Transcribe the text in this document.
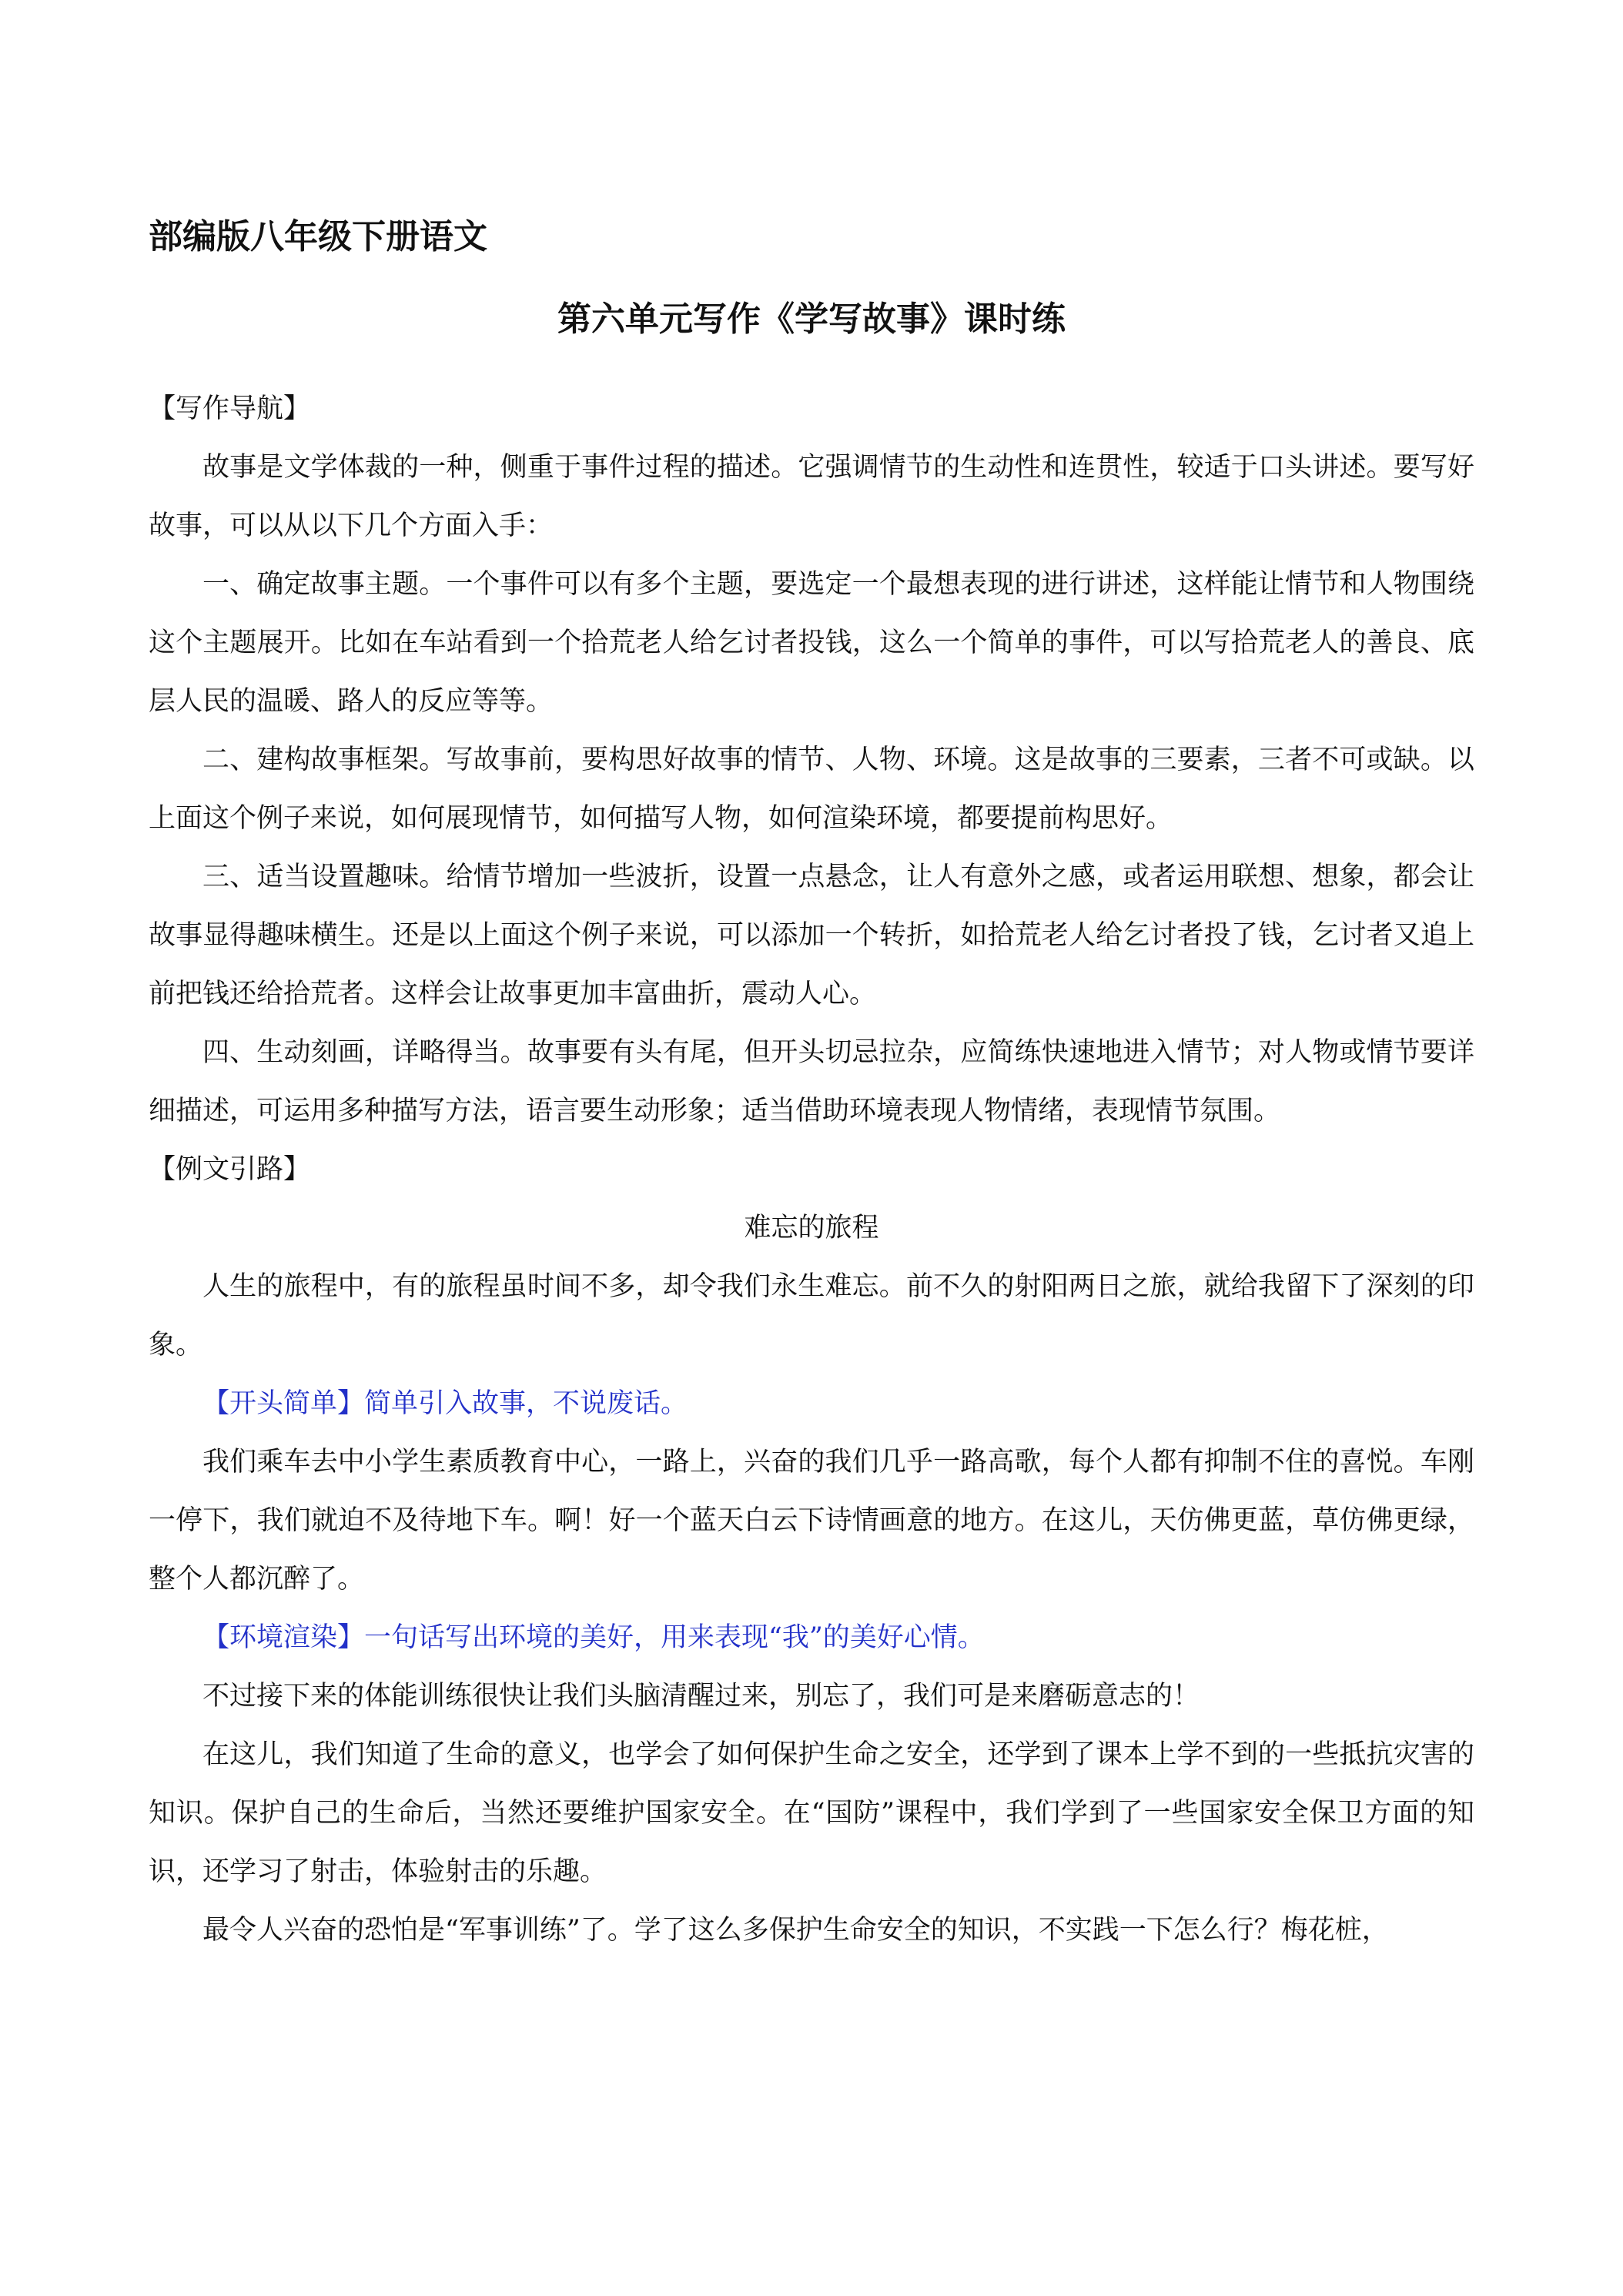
部编版八年级下册语文
第六单元写作《学写故事》课时练

【写作导航】

故事是文学体裁的一种，侧重于事件过程的描述。它强调情节的生动性和连贯性，较适于口头讲述。要写好故事，可以从以下几个方面入手：

一、确定故事主题。一个事件可以有多个主题，要选定一个最想表现的进行讲述，这样能让情节和人物围绕这个主题展开。比如在车站看到一个拾荒老人给乞讨者投钱，这么一个简单的事件，可以写拾荒老人的善良、底层人民的温暖、路人的反应等等。

二、建构故事框架。写故事前，要构思好故事的情节、人物、环境。这是故事的三要素，三者不可或缺。以上面这个例子来说，如何展现情节，如何描写人物，如何渲染环境，都要提前构思好。

三、适当设置趣味。给情节增加一些波折，设置一点悬念，让人有意外之感，或者运用联想、想象，都会让故事显得趣味横生。还是以上面这个例子来说，可以添加一个转折，如拾荒老人给乞讨者投了钱，乞讨者又追上前把钱还给拾荒者。这样会让故事更加丰富曲折，震动人心。

四、生动刻画，详略得当。故事要有头有尾，但开头切忌拉杂，应简练快速地进入情节；对人物或情节要详细描述，可运用多种描写方法，语言要生动形象；适当借助环境表现人物情绪，表现情节氛围。

【例文引路】

难忘的旅程

人生的旅程中，有的旅程虽时间不多，却令我们永生难忘。前不久的射阳两日之旅，就给我留下了深刻的印象。

【开头简单】简单引入故事，不说废话。

我们乘车去中小学生素质教育中心，一路上，兴奋的我们几乎一路高歌，每个人都有抑制不住的喜悦。车刚一停下，我们就迫不及待地下车。啊！好一个蓝天白云下诗情画意的地方。在这儿，天仿佛更蓝，草仿佛更绿，整个人都沉醉了。

【环境渲染】一句话写出环境的美好，用来表现“我”的美好心情。

不过接下来的体能训练很快让我们头脑清醒过来，别忘了，我们可是来磨砺意志的！

在这儿，我们知道了生命的意义，也学会了如何保护生命之安全，还学到了课本上学不到的一些抵抗灾害的知识。保护自己的生命后，当然还要维护国家安全。在“国防”课程中，我们学到了一些国家安全保卫方面的知识，还学习了射击，体验射击的乐趣。

最令人兴奋的恐怕是“军事训练”了。学了这么多保护生命安全的知识，不实践一下怎么行？梅花桩，
